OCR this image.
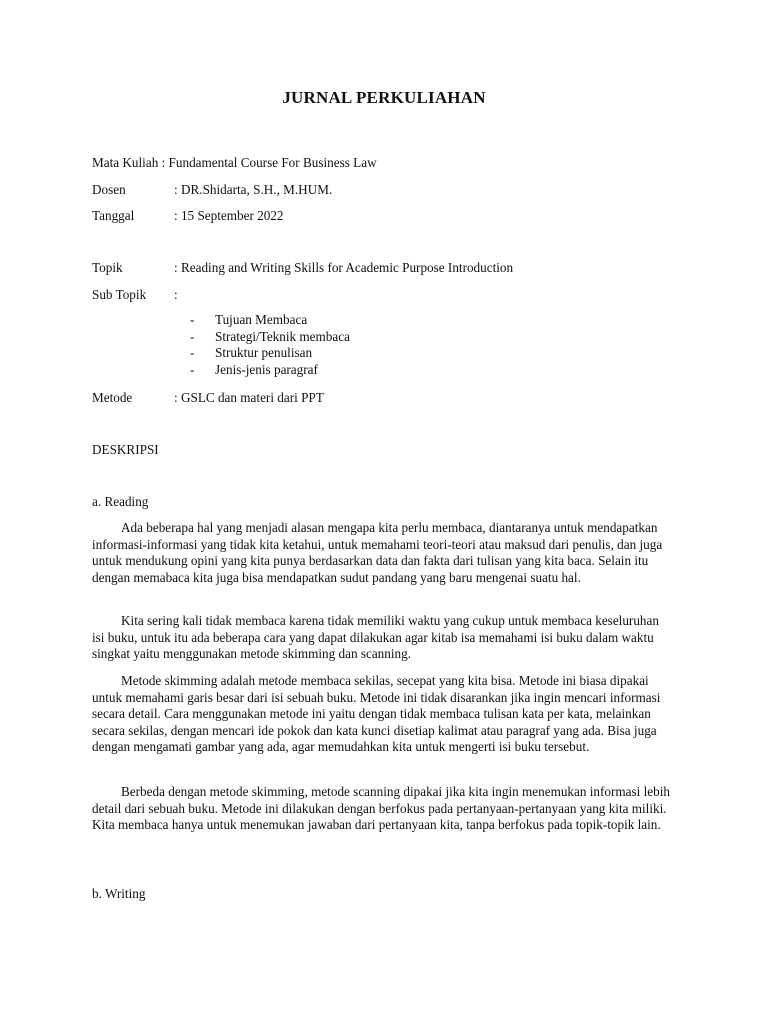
JURNAL PERKULIAHAN
Mata Kuliah : Fundamental Course For Business Law
Dosen	: DR.Shidarta, S.H., M.HUM.
Tanggal	: 15 September 2022
Topik	: Reading and Writing Skills for Academic Purpose Introduction
Sub Topik :
- Tujuan Membaca
- Strategi/Teknik membaca
- Struktur penulisan
- Jenis-jenis paragraf
Metode	: GSLC dan materi dari PPT
DESKRIPSI
a. Reading

Ada beberapa hal yang menjadi alasan mengapa kita perlu membaca, diantaranya untuk mendapatkan informasi-informasi yang tidak kita ketahui, untuk memahami teori-teori atau maksud dari penulis, dan juga untuk mendukung opini yang kita punya berdasarkan data dan fakta dari tulisan yang kita baca. Selain itu dengan memabaca kita juga bisa mendapatkan sudut pandang yang baru mengenai suatu hal.

Kita sering kali tidak membaca karena tidak memiliki waktu yang cukup untuk membaca keseluruhan isi buku, untuk itu ada beberapa cara yang dapat dilakukan agar kitab isa memahami isi buku dalam waktu singkat yaitu menggunakan metode skimming dan scanning.

Metode skimming adalah metode membaca sekilas, secepat yang kita bisa. Metode ini biasa dipakai untuk memahami garis besar dari isi sebuah buku. Metode ini tidak disarankan jika ingin mencari informasi secara detail. Cara menggunakan metode ini yaitu dengan tidak membaca tulisan kata per kata, melainkan secara sekilas, dengan mencari ide pokok dan kata kunci disetiap kalimat atau paragraf yang ada. Bisa juga dengan mengamati gambar yang ada, agar memudahkan kita untuk mengerti isi buku tersebut.

Berbeda dengan metode skimming, metode scanning dipakai jika kita ingin menemukan informasi lebih detail dari sebuah buku. Metode ini dilakukan dengan berfokus pada pertanyaan-pertanyaan yang kita miliki. Kita membaca hanya untuk menemukan jawaban dari pertanyaan kita, tanpa berfokus pada topik-topik lain.

b. Writing
